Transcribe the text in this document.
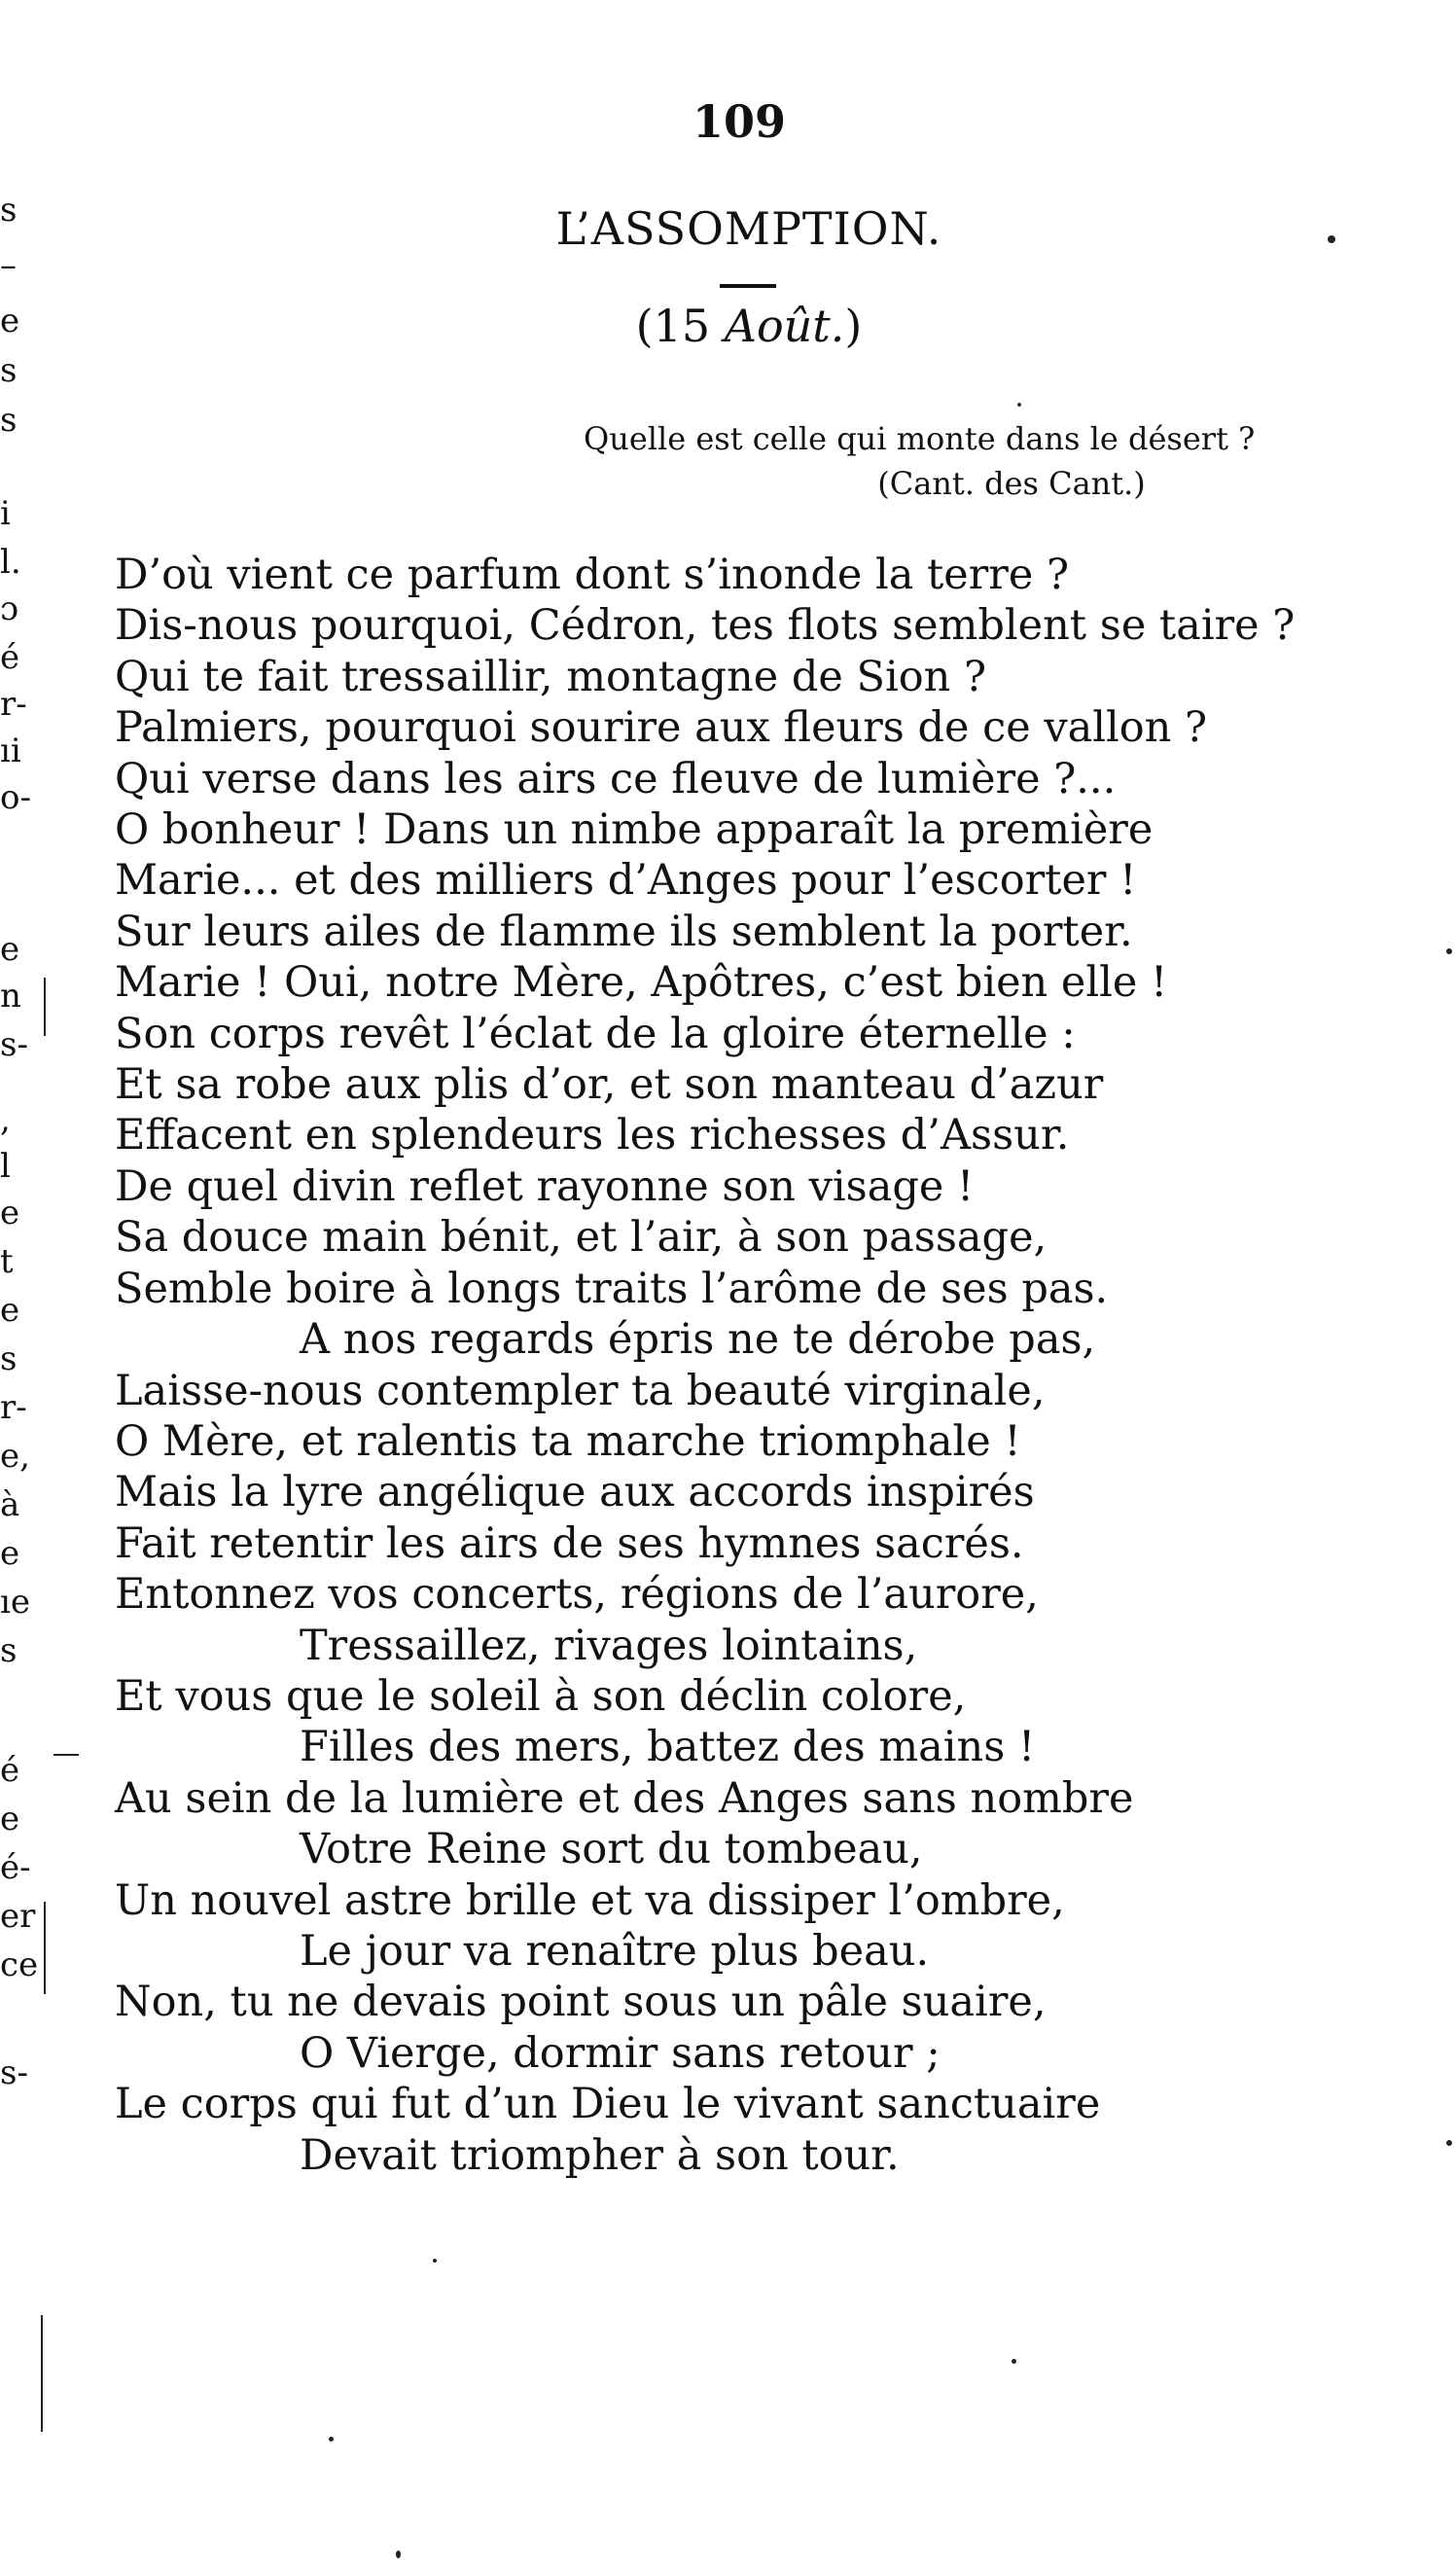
s
–
e
s
s
i
l.
ɔ
é
r-
ıi
o-
e
n
s-
,
l
e
t
e
s
r-
e,
à
e
ıe
s
é
e
é-
er
ce
s-
109
L’ASSOMPTION.
(15 Août.)
Quelle est celle qui monte dans le désert ?
(Cant. des Cant.)
D’où vient ce parfum dont s’inonde la terre ?
Dis-nous pourquoi, Cédron, tes flots semblent se taire ?
Qui te fait tressaillir, montagne de Sion ?
Palmiers, pourquoi sourire aux fleurs de ce vallon ?
Qui verse dans les airs ce fleuve de lumière ?...
O bonheur ! Dans un nimbe apparaît la première
Marie... et des milliers d’Anges pour l’escorter !
Sur leurs ailes de flamme ils semblent la porter.
Marie ! Oui, notre Mère, Apôtres, c’est bien elle !
Son corps revêt l’éclat de la gloire éternelle :
Et sa robe aux plis d’or, et son manteau d’azur
Effacent en splendeurs les richesses d’Assur.
De quel divin reflet rayonne son visage !
Sa douce main bénit, et l’air, à son passage,
Semble boire à longs traits l’arôme de ses pas.
A nos regards épris ne te dérobe pas,
Laisse-nous contempler ta beauté virginale,
O Mère, et ralentis ta marche triomphale !
Mais la lyre angélique aux accords inspirés
Fait retentir les airs de ses hymnes sacrés.
Entonnez vos concerts, régions de l’aurore,
Tressaillez, rivages lointains,
Et vous que le soleil à son déclin colore,
Filles des mers, battez des mains !
Au sein de la lumière et des Anges sans nombre
Votre Reine sort du tombeau,
Un nouvel astre brille et va dissiper l’ombre,
Le jour va renaître plus beau.
Non, tu ne devais point sous un pâle suaire,
O Vierge, dormir sans retour ;
Le corps qui fut d’un Dieu le vivant sanctuaire
Devait triompher à son tour.
